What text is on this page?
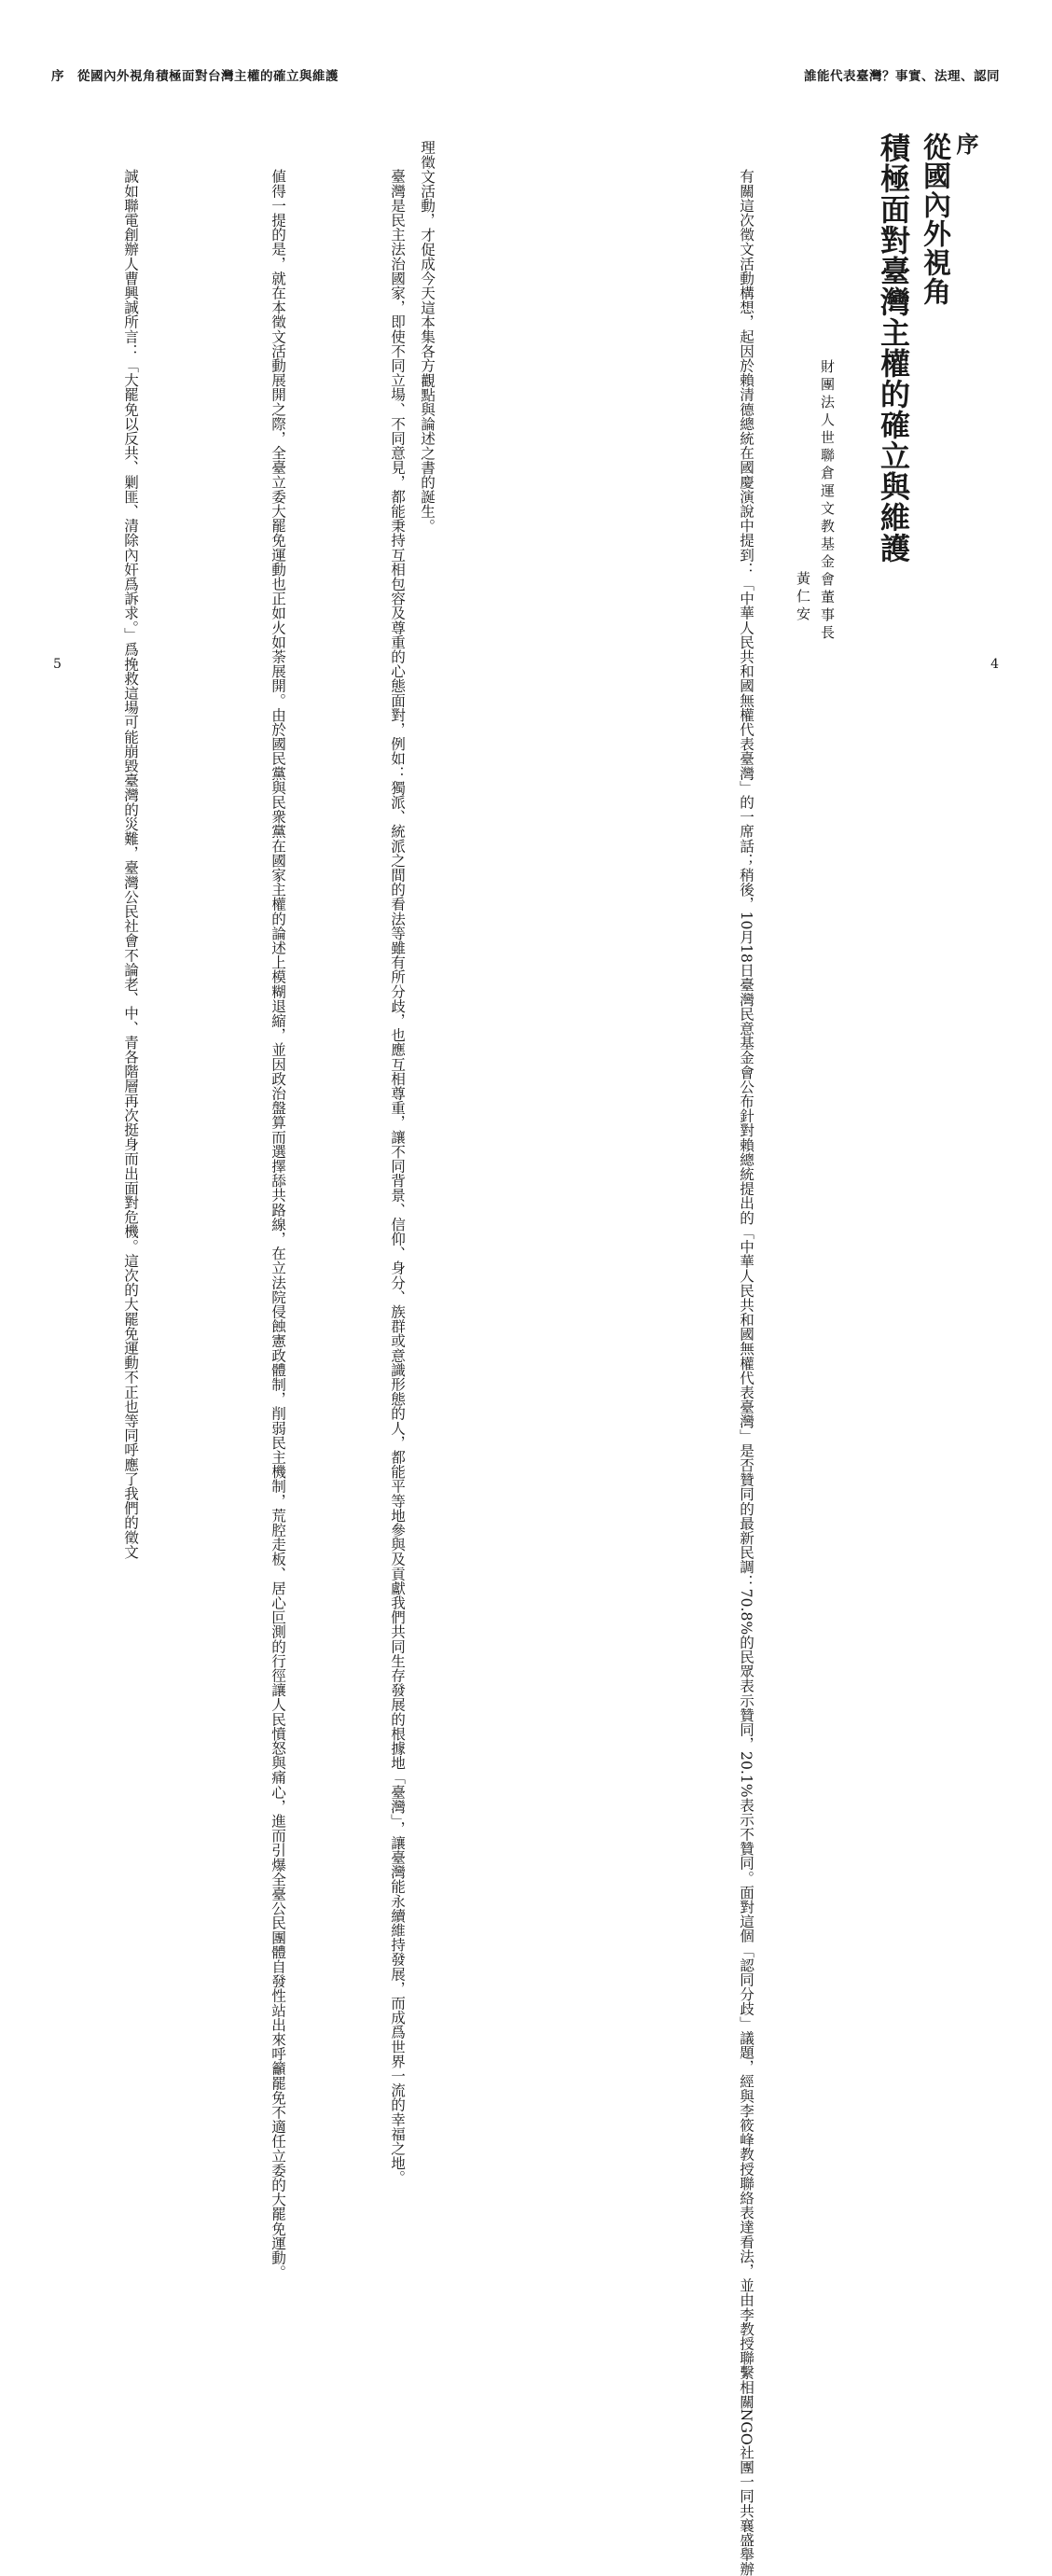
序 從國內外視角積極面對台灣主權的確立與維護	誰能代表臺灣？事實、法理、認同
序
從國內外視角
積極面對臺灣主權的確立與維護
財團法人世聯倉運文教基金會董事長
黃仁安

有關這次徵文活動構想，起因於賴清德總統在國慶演說中提到：「中華人民共和國無權代表臺灣」的一席話；稍後，10月18日臺灣民意基金會公布針對賴總統提出的「中華人民共和國無權代表臺灣」是否贊同的最新民調：70.8%的民眾表示贊同，20.1%表示不贊同。面對這個「認同分歧」議題，經與李筱峰教授聯絡表達看法，並由李教授聯繫相關NGO社團一同共襄盛舉辦

理徵文活動，才促成今天這本集各方觀點與論述之書的誕生。

臺灣是民主法治國家，即使不同立場、不同意見，都能秉持互相包容及尊重的心態面對，例如：獨派、統派之間的看法等雖有所分歧，也應互相尊重，讓不同背景、信仰、身分、族群或意識形態的人，都能平等地參與及貢獻我們共同生存發展的根據地「臺灣」，讓臺灣能永續維持發展，而成爲世界一流的幸福之地。

値得一提的是，就在本徵文活動展開之際，全臺立委大罷免運動也正如火如荼展開。由於國民黨與民衆黨在國家主權的論述上模糊退縮，並因政治盤算而選擇舔共路線，在立法院侵蝕憲政體制，削弱民主機制，荒腔走板、居心叵測的行徑讓人民憤怒與痛心，進而引爆全臺公民團體自發性站出來呼籲罷免不適任立委的大罷免運動。

誠如聯電創辦人曹興誠所言：「大罷免以反共、剿匪、清除內奸爲訴求。」爲挽救這場可能崩毀臺灣的災難，臺灣公民社會不論老、中、青各階層再次挺身而出面對危機。這次的大罷免運動不正也等同呼應了我們的徵文

5	4
